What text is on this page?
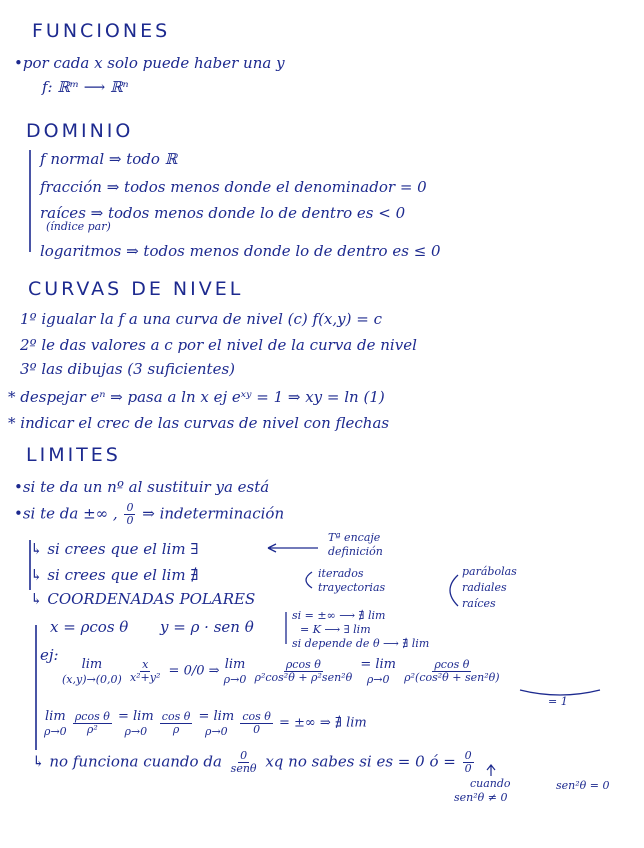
FUNCIONES
•por cada x solo puede haber una y
f: ℝᵐ ⟶ ℝⁿ
DOMINIO
f normal ⇒ todo ℝ
fracción ⇒ todos menos donde el denominador = 0
raíces ⇒ todos menos donde lo de dentro es < 0
(índice par)
logaritmos ⇒ todos menos donde lo de dentro es ≤ 0
CURVAS DE NIVEL
1º igualar la f a una curva de nivel (c) f(x,y) = c
2º le das valores a c por el nivel de la curva de nivel
3º las dibujas (3 suficientes)
* despejar eⁿ ⇒ pasa a ln x ej eˣʸ = 1 ⇒ xy = ln (1)
* indicar el crec de las curvas de nivel con flechas
LIMITES
•si te da un nº al sustituir ya está
•si te da ±∞ , $\frac{0}{0}$ ⇒ indeterminación
↳ si crees que el lim ∃
Tª encaje
definición
↳ si crees que el lim ∄	iterados
trayectorias
parábolas
radiales
raíces
↳ COORDENADAS POLARES
x = ρcos θ y = ρ · sen θ
si = ±∞ ⟶ ∄ lim
= K ⟶ ∃ lim
si depende de θ ⟶ ∄ lim
ej:
lim
(x,y)→(0,0)
$\frac{x}{\text{x²+y²}} = 0/0$ ⇒ lim
ρ→0
$\frac{\text{ρcos θ}}{\text{ρ²cos²θ + ρ²sen²θ}}$
= lim
ρ→0
$\frac{\text{ρcos θ}}{\text{ρ²(cos²θ + sen²θ)}}$
= 1
lim
ρ→0
$\frac{\text{ρcos θ}}{\text{ρ²}}$
= lim
ρ→0
$\frac{\text{cos θ}}{\rho}$
= lim
ρ→0
$\frac{\text{cos θ}}{0}$ = ±∞ ⇒ ∄ lim
↳ no funciona cuando da $\frac{0}{\text{senθ}}$ xq no sabes si es = 0 ó = $\frac{0}{0}$
cuando
sen²θ ≠ 0
sen²θ = 0
